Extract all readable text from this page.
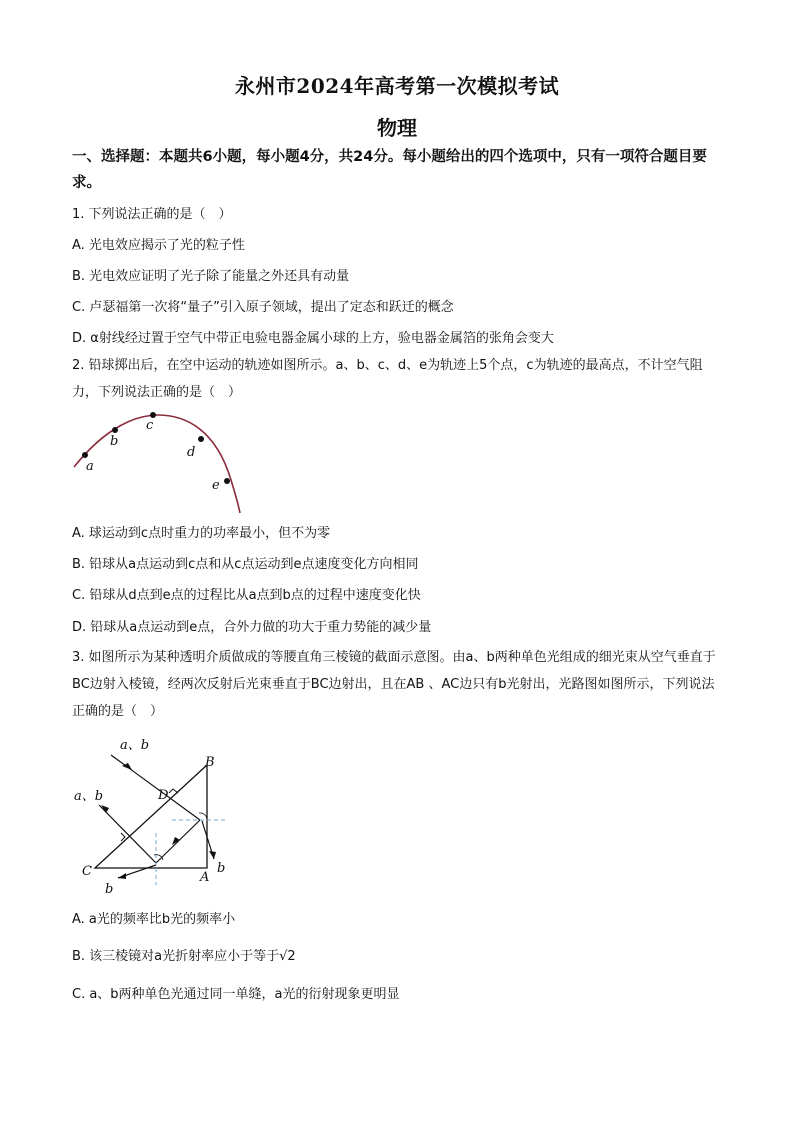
永州市2024年高考第一次模拟考试
物理
一、选择题：本题共6小题，每小题4分，共24分。每小题给出的四个选项中，只有一项符合题目要求。
1. 下列说法正确的是（　）
A. 光电效应揭示了光的粒子性
B. 光电效应证明了光子除了能量之外还具有动量
C. 卢瑟福第一次将“量子”引入原子领域，提出了定态和跃迁的概念
D. α射线经过置于空气中带正电验电器金属小球的上方，验电器金属箔的张角会变大
2. 铅球掷出后，在空中运动的轨迹如图所示。a、b、c、d、e为轨迹上5个点，c为轨迹的最高点，不计空气阻力，下列说法正确的是（　）
a
b
c
d
e
A. 球运动到c点时重力的功率最小，但不为零
B. 铅球从a点运动到c点和从c点运动到e点速度变化方向相同
C. 铅球从d点到e点的过程比从a点到b点的过程中速度变化快
D. 铅球从a点运动到e点，合外力做的功大于重力势能的减少量
3. 如图所示为某种透明介质做成的等腰直角三棱镜的截面示意图。由a、b两种单色光组成的细光束从空气垂直于BC边射入棱镜，经两次反射后光束垂直于BC边射出，且在AB 、AC边只有b光射出，光路图如图所示，下列说法正确的是（　）
a、b
a、b
B
D
C	A
b
b
A. a光的频率比b光的频率小
B. 该三棱镜对a光折射率应小于等于√2
C. a、b两种单色光通过同一单缝，a光的衍射现象更明显
